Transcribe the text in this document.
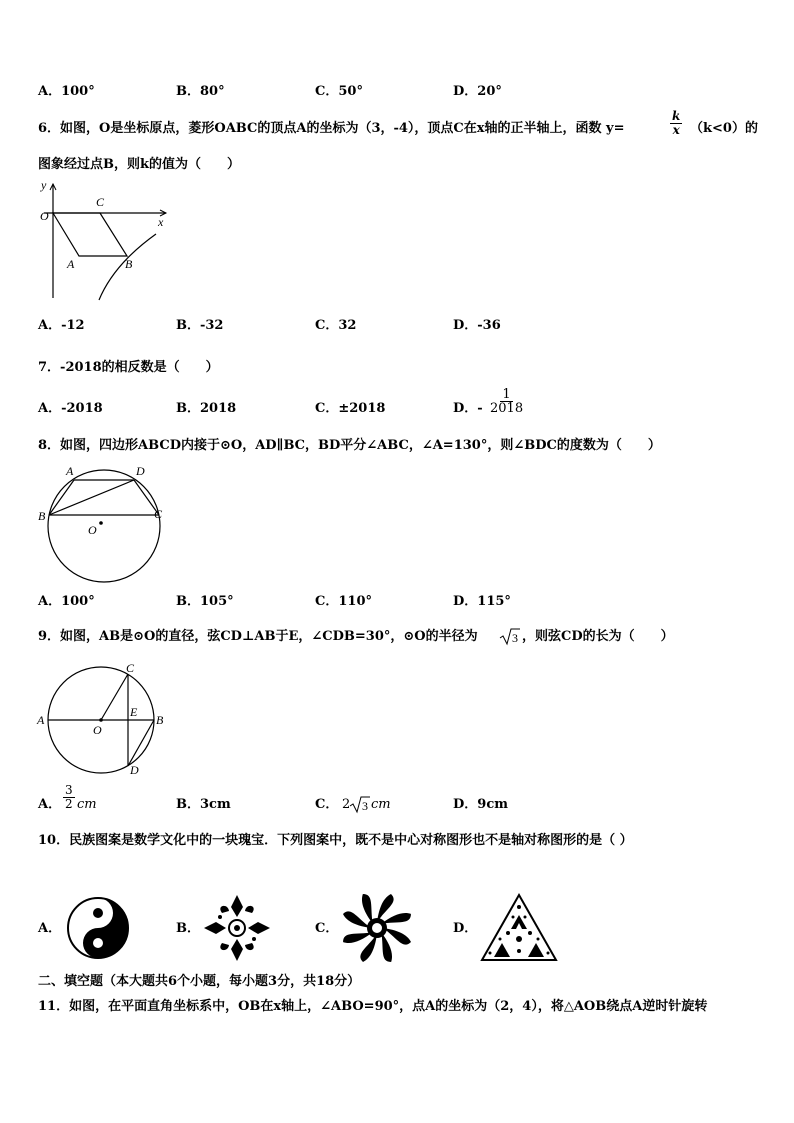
A．100°	B．80°	C．50°	D．20°
6．如图，O是坐标原点，菱形OABC的顶点A的坐标为（3，-4），顶点C在x轴的正半轴上，函数 y=	$\frac{k}{x} (k<0)$的
图象经过点B，则k的值为（　　）
y
O
C
x
A	B
A．-12	B．-32	C．32	D．-36
7．-2018的相反数是（　　）
A．-2018	B．2018	C．±2018	D．- $\frac{1}{2018}$
8．如图，四边形ABCD内接于⊙O，AD∥BC，BD平分∠ABC，∠A=130°，则∠BDC的度数为（　　）
A	D
B	C
O
A．100°	B．105°	C．110°	D．115°
9．如图，AB是⊙O的直径，弦CD⊥AB于E，∠CDB=30°，⊙O的半径为	3 ，则弦CD的长为（　　）
C
A	B
E
O
D
A． $\frac{3}{2}$ cm	B．3cm	C． 2 3 cm	D．9cm
10．民族图案是数学文化中的一块瑰宝．下列图案中，既不是中心对称图形也不是轴对称图形的是（ ）
A．	B．	C．	D．
二、填空题（本大题共6个小题，每小题3分，共18分）
11．如图，在平面直角坐标系中，OB在x轴上，∠ABO=90°，点A的坐标为（2，4），将△AOB绕点A逆时针旋转
